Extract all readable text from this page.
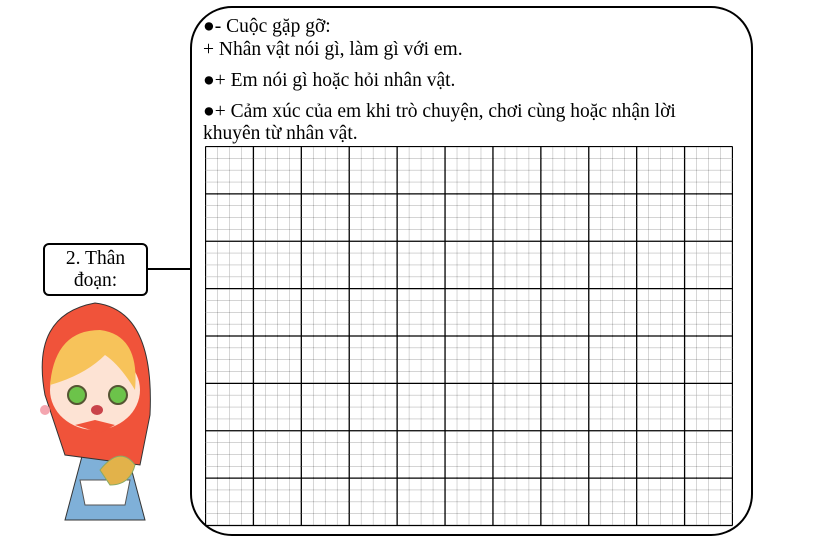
●- Cuộc gặp gỡ:
+ Nhân vật nói gì, làm gì với em.
●+ Em nói gì hoặc hỏi nhân vật.
●+ Cảm xúc của em khi trò chuyện, chơi cùng hoặc nhận lời
khuyên từ nhân vật.
2. Thân
đoạn:
